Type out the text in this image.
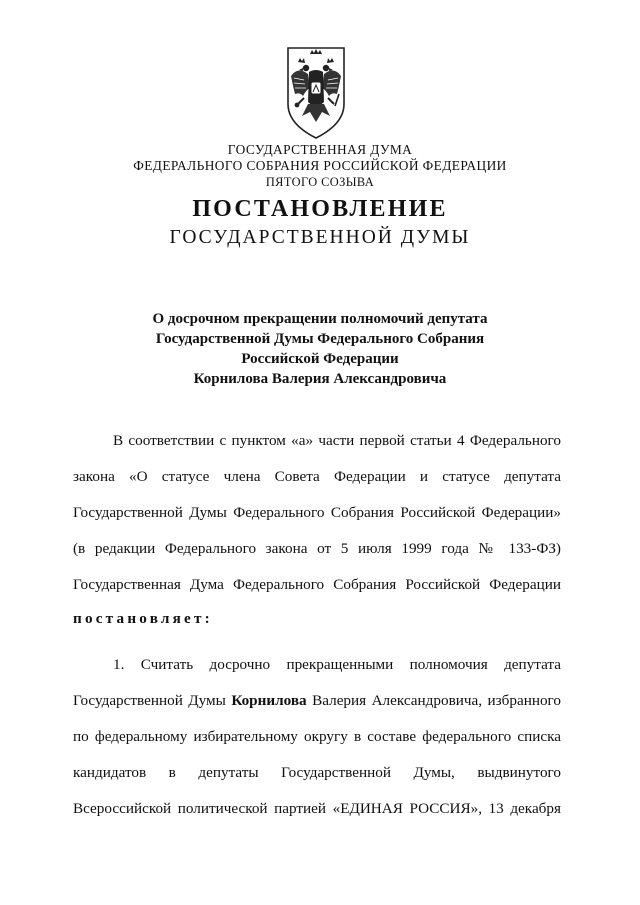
ГОСУДАРСТВЕННАЯ ДУМА
ФЕДЕРАЛЬНОГО СОБРАНИЯ РОССИЙСКОЙ ФЕДЕРАЦИИ
ПЯТОГО СОЗЫВА
ПОСТАНОВЛЕНИЕ
ГОСУДАРСТВЕННОЙ ДУМЫ
О досрочном прекращении полномочий депутата
Государственной Думы Федерального Собрания
Российской Федерации
Корнилова Валерия Александровича
В соответствии с пунктом «а» части первой статьи 4 Федерального
закона «О статусе члена Совета Федерации и статусе депутата
Государственной Думы Федерального Собрания Российской Федерации»
(в редакции Федерального закона от 5 июля 1999 года № 133-ФЗ)
Государственная Дума Федерального Собрания Российской Федерации
постановляет:
1. Считать досрочно прекращенными полномочия депутата
Государственной Думы Корнилова Валерия Александровича, избранного
по федеральному избирательному округу в составе федерального списка
кандидатов в депутаты Государственной Думы, выдвинутого
Всероссийской политической партией «ЕДИНАЯ РОССИЯ», 13 декабря
